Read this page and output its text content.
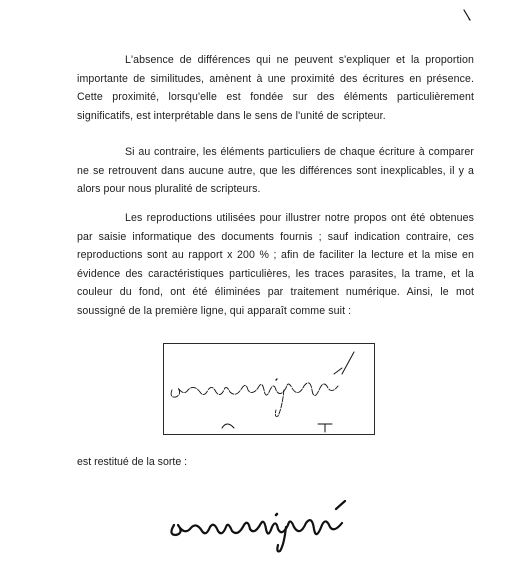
L'absence de différences qui ne peuvent s'expliquer et la proportion importante de similitudes, amènent à une proximité des écritures en présence. Cette proximité, lorsqu'elle est fondée sur des éléments particulièrement significatifs, est interprétable dans le sens de l'unité de scripteur.

Si au contraire, les éléments particuliers de chaque écriture à comparer ne se retrouvent dans aucune autre, que les différences sont inexplicables, il y a alors pour nous pluralité de scripteurs.

Les reproductions utilisées pour illustrer notre propos ont été obtenues par saisie informatique des documents fournis ; sauf indication contraire, ces reproductions sont au rapport x 200 % ; afin de faciliter la lecture et la mise en évidence des caractéristiques particulières, les traces parasites, la trame, et la couleur du fond, ont été éliminées par traitement numérique. Ainsi, le mot soussigné de la première ligne, qui apparaît comme suit :

est restitué de la sorte :
